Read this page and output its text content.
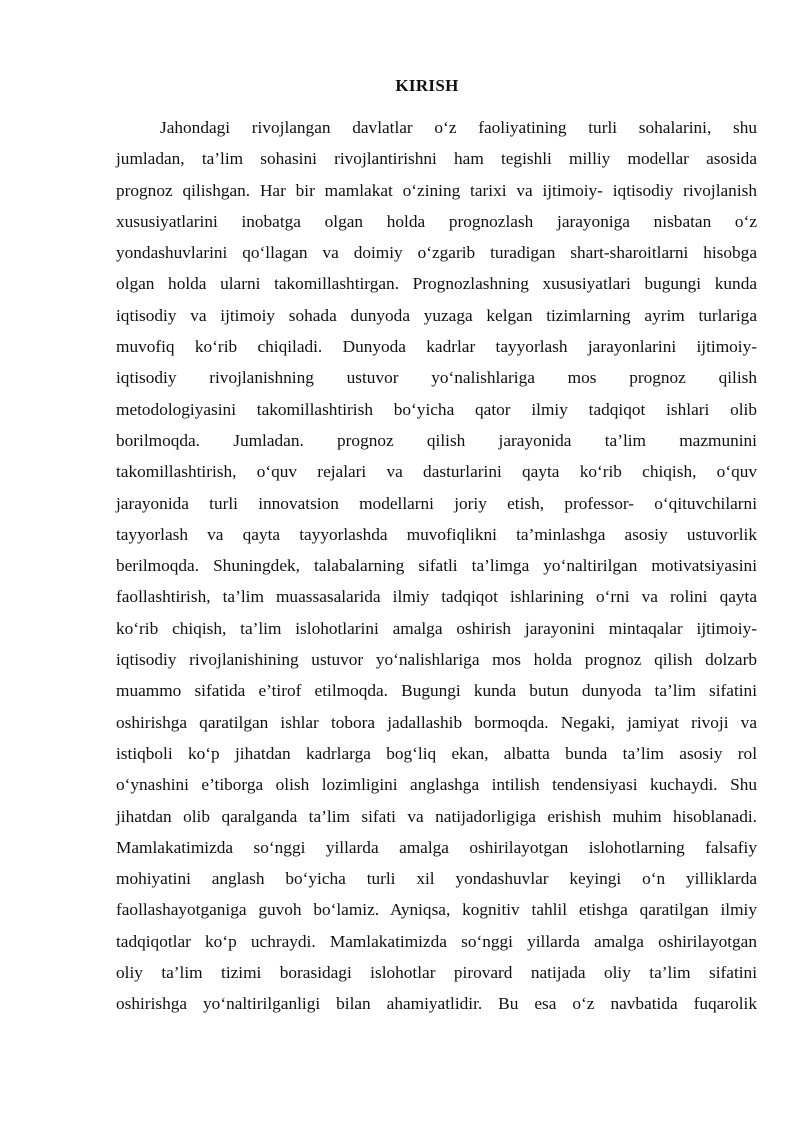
KIRISH
Jahondagi rivojlangan davlatlar o‘z faoliyatining turli sohalarini, shu
jumladan, ta’lim sohasini rivojlantirishni ham tegishli milliy modellar asosida
prognoz qilishgan. Har bir mamlakat o‘zining tarixi va ijtimoiy- iqtisodiy rivojlanish
xususiyatlarini inobatga olgan holda prognozlash jarayoniga nisbatan o‘z
yondashuvlarini qo‘llagan va doimiy o‘zgarib turadigan shart-sharoitlarni hisobga
olgan holda ularni takomillashtirgan. Prognozlashning xususiyatlari bugungi kunda
iqtisodiy va ijtimoiy sohada dunyoda yuzaga kelgan tizimlarning ayrim turlariga
muvofiq ko‘rib chiqiladi. Dunyoda kadrlar tayyorlash jarayonlarini ijtimoiy-
iqtisodiy rivojlanishning ustuvor yo‘nalishlariga mos prognoz qilish
metodologiyasini takomillashtirish bo‘yicha qator ilmiy tadqiqot ishlari olib
borilmoqda. Jumladan. prognoz qilish jarayonida ta’lim mazmunini
takomillashtirish, o‘quv rejalari va dasturlarini qayta ko‘rib chiqish, o‘quv
jarayonida turli innovatsion modellarni joriy etish, professor- o‘qituvchilarni
tayyorlash va qayta tayyorlashda muvofiqlikni ta’minlashga asosiy ustuvorlik
berilmoqda. Shuningdek, talabalarning sifatli ta’limga yo‘naltirilgan motivatsiyasini
faollashtirish, ta’lim muassasalarida ilmiy tadqiqot ishlarining o‘rni va rolini qayta
ko‘rib chiqish, ta’lim islohotlarini amalga oshirish jarayonini mintaqalar ijtimoiy-
iqtisodiy rivojlanishining ustuvor yo‘nalishlariga mos holda prognoz qilish dolzarb
muammo sifatida e’tirof etilmoqda. Bugungi kunda butun dunyoda ta’lim sifatini
oshirishga qaratilgan ishlar tobora jadallashib bormoqda. Negaki, jamiyat rivoji va
istiqboli ko‘p jihatdan kadrlarga bog‘liq ekan, albatta bunda ta’lim asosiy rol
o‘ynashini e’tiborga olish lozimligini anglashga intilish tendensiyasi kuchaydi. Shu
jihatdan olib qaralganda ta’lim sifati va natijadorligiga erishish muhim hisoblanadi.
Mamlakatimizda so‘nggi yillarda amalga oshirilayotgan islohotlarning falsafiy
mohiyatini anglash bo‘yicha turli xil yondashuvlar keyingi o‘n yilliklarda
faollashayotganiga guvoh bo‘lamiz. Ayniqsa, kognitiv tahlil etishga qaratilgan ilmiy
tadqiqotlar ko‘p uchraydi. Mamlakatimizda so‘nggi yillarda amalga oshirilayotgan
oliy ta’lim tizimi borasidagi islohotlar pirovard natijada oliy ta’lim sifatini
oshirishga yo‘naltirilganligi bilan ahamiyatlidir. Bu esa o‘z navbatida fuqarolik
